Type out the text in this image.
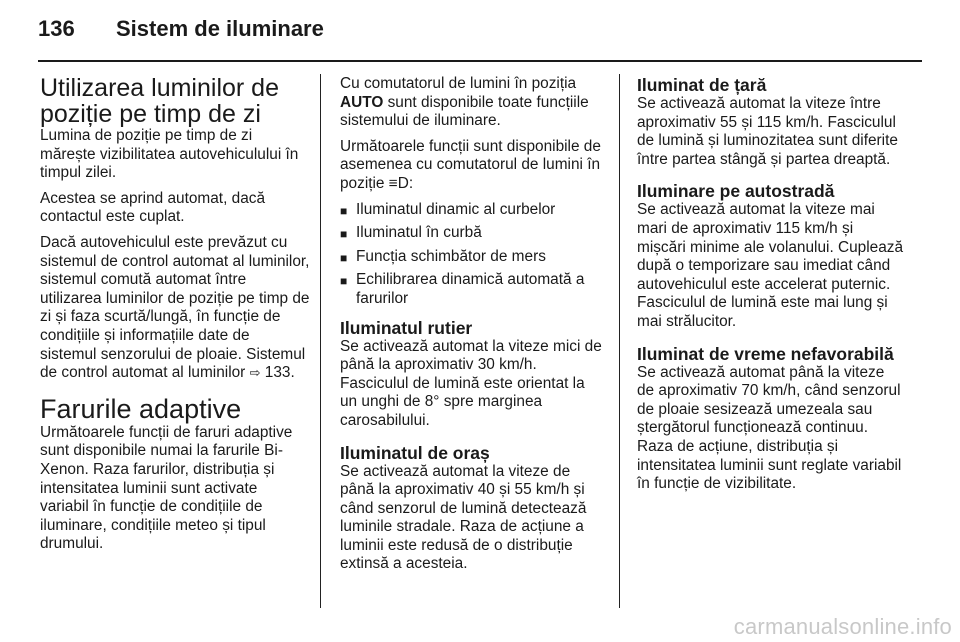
136	Sistem de iluminare
Utilizarea luminilor de
poziție pe timp de zi

Lumina de poziție pe timp de zi mărește vizibilitatea autovehiculului în timpul zilei.

Acestea se aprind automat, dacă contactul este cuplat.

Dacă autovehiculul este prevăzut cu sistemul de control automat al luminilor, sistemul comută automat între utilizarea luminilor de poziție pe timp de zi și faza scurtă/lungă, în funcție de condițiile și informațiile date de sistemul senzorului de ploaie. Sistemul de control automat al luminilor ⇨ 133.

Farurile adaptive

Următoarele funcții de faruri adaptive sunt disponibile numai la farurile Bi-Xenon. Raza farurilor, distribuția și intensitatea luminii sunt activate variabil în funcție de condițiile de iluminare, condițiile meteo și tipul drumului.

Cu comutatorul de lumini în poziția AUTO sunt disponibile toate funcțiile sistemului de iluminare.

Următoarele funcții sunt disponibile de asemenea cu comutatorul de lumini în poziție ≡D:

■ Iluminatul dinamic al curbelor
■ Iluminatul în curbă
■ Funcția schimbător de mers
■ Echilibrarea dinamică automată a farurilor
Iluminatul rutier

Se activează automat la viteze mici de până la aproximativ 30 km/h. Fasciculul de lumină este orientat la un unghi de 8° spre marginea carosabilului.

Iluminatul de oraș

Se activează automat la viteze de până la aproximativ 40 și 55 km/h și când senzorul de lumină detectează luminile stradale. Raza de acțiune a luminii este redusă de o distribuție extinsă a acesteia.

Iluminat de țară

Se activează automat la viteze între aproximativ 55 și 115 km/h. Fasciculul de lumină și luminozitatea sunt diferite între partea stângă și partea dreaptă.

Iluminare pe autostradă

Se activează automat la viteze mai mari de aproximativ 115 km/h și mișcări minime ale volanului. Cuplează după o temporizare sau imediat când autovehiculul este accelerat puternic. Fasciculul de lumină este mai lung și mai strălucitor.

Iluminat de vreme nefavorabilă

Se activează automat până la viteze de aproximativ 70 km/h, când senzorul de ploaie sesizează umezeala sau ștergătorul funcționează continuu. Raza de acțiune, distribuția și intensitatea luminii sunt reglate variabil în funcție de vizibilitate.

carmanualsonline.info
